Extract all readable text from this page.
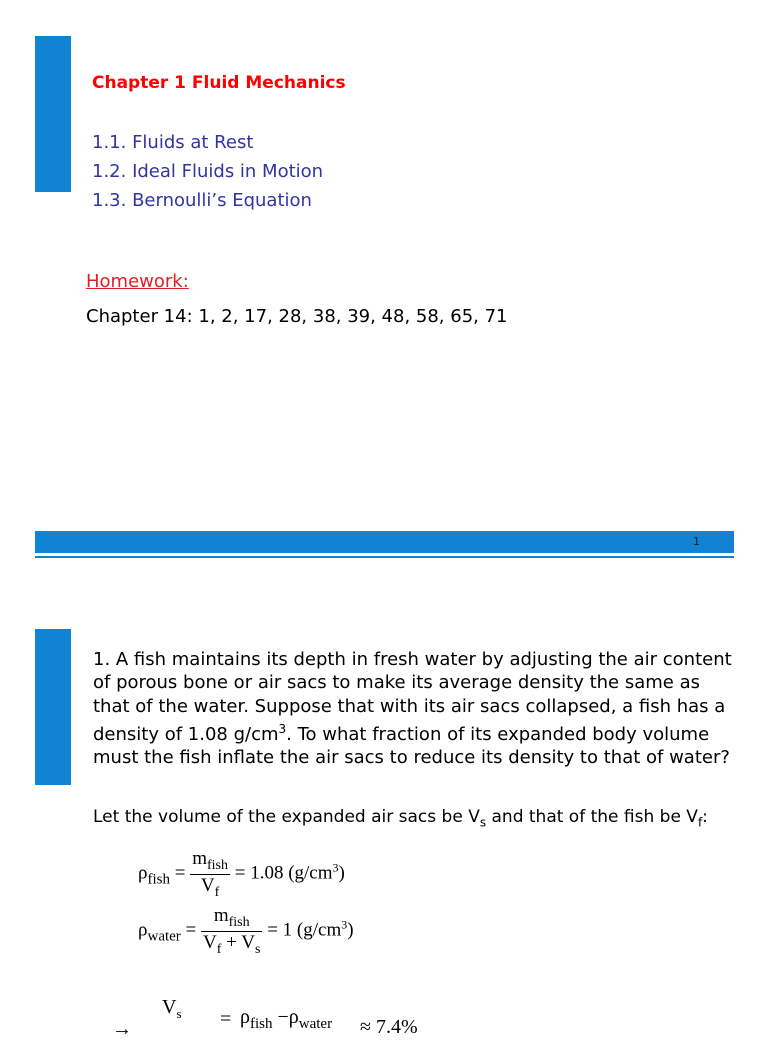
Chapter 1 Fluid Mechanics
1.1. Fluids at Rest
1.2. Ideal Fluids in Motion
1.3. Bernoulli’s Equation
Homework:
Chapter 14: 1, 2, 17, 28, 38, 39, 48, 58, 65, 71
1
1. A fish maintains its depth in fresh water by adjusting the air content of porous bone or air sacs to make its average density the same as that of the water. Suppose that with its air sacs collapsed, a fish has a density of 1.08 $g/cm^3$. To what fraction of its expanded body volume must the fish inflate the air sacs to reduce its density to that of water?
Let the volume of the expanded air sacs be $V_s$ and that of the fish be $V_f$:
$\rho_{fish} = \frac{m_{fish}}{V_f} = 1.08$ $(g/cm^3)$
$\rho_{water} = \frac{m_{fish}}{V_f + V_s} = 1$ $(g/cm^3)$
→
$V_s = \rho_{fish} -\rho_{water} \approx 7.4\%$
